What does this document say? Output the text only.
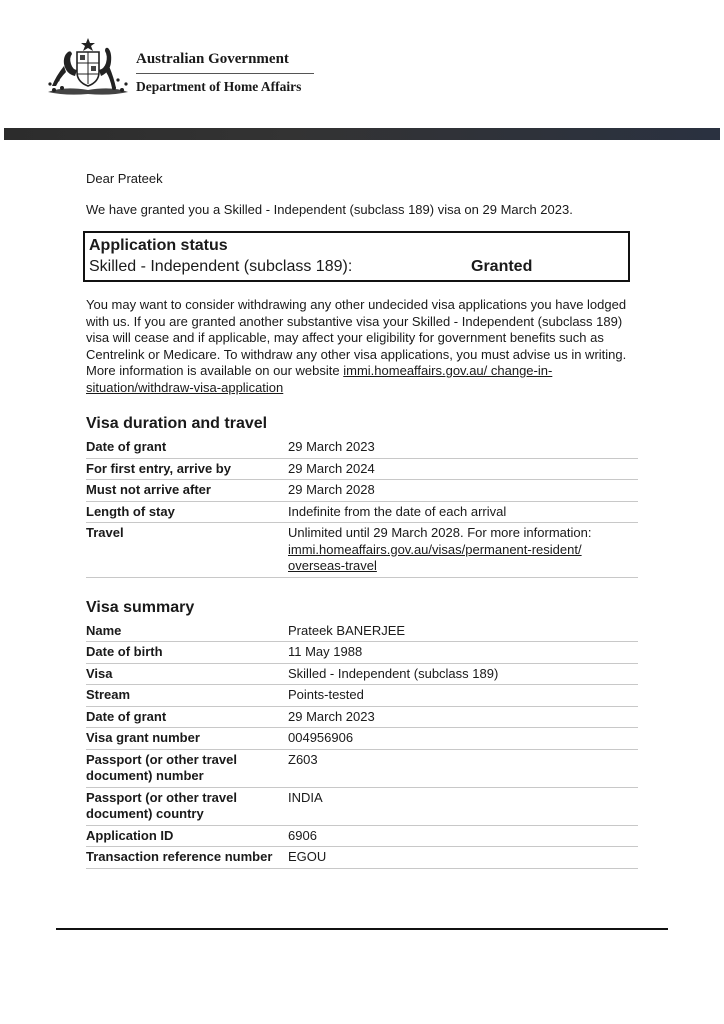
Australian Government
Department of Home Affairs

Dear Prateek

We have granted you a Skilled - Independent (subclass 189) visa on 29 March 2023.

Application status
Skilled - Independent (subclass 189):	Granted

You may want to consider withdrawing any other undecided visa applications you have lodged with us. If you are granted another substantive visa your Skilled - Independent (subclass 189) visa will cease and if applicable, may affect your eligibility for government benefits such as Centrelink or Medicare. To withdraw any other visa applications, you must advise us in writing. More information is available on our website immi.homeaffairs.gov.au/ change-in-situation/withdraw-visa-application

Visa duration and travel
Date of grant	29 March 2023
For first entry, arrive by	29 March 2024
Must not arrive after	29 March 2028
Length of stay	Indefinite from the date of each arrival
Travel	Unlimited until 29 March 2028. For more information:
immi.homeaffairs.gov.au/visas/permanent-resident/ overseas-travel
Visa summary
Name	Prateek BANERJEE
Date of birth	11 May 1988
Visa	Skilled - Independent (subclass 189)
Stream	Points-tested
Date of grant	29 March 2023
Visa grant number	004956906
Passport (or other travel document) number	Z603
Passport (or other travel document) country	INDIA
Application ID	6906
Transaction reference number	EGOU
